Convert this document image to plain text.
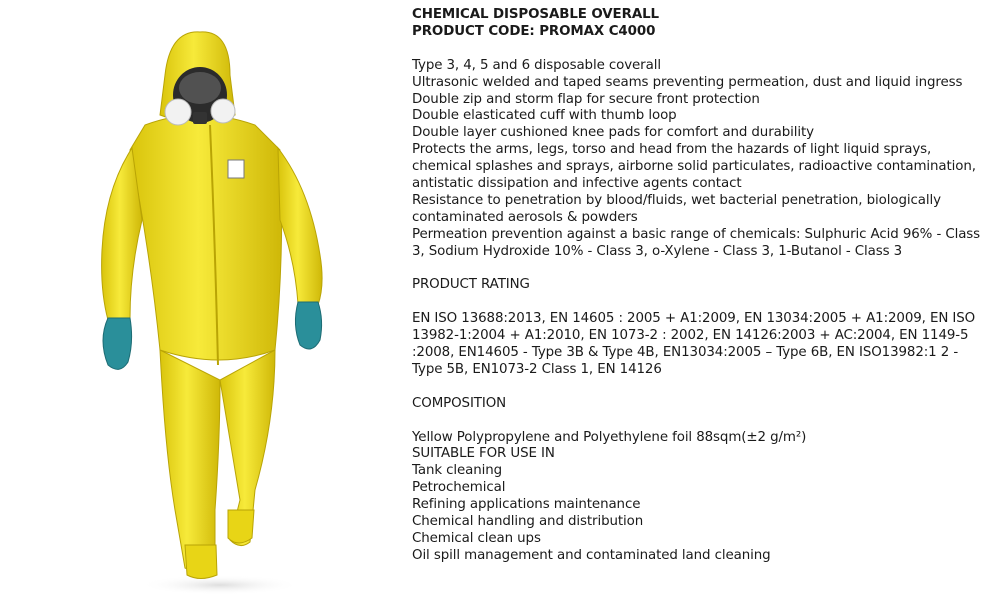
CHEMICAL DISPOSABLE OVERALL
PRODUCT CODE: PROMAX C4000
Type 3, 4, 5 and 6 disposable coverall
Ultrasonic welded and taped seams preventing permeation, dust and liquid ingress
Double zip and storm flap for secure front protection
Double elasticated cuff with thumb loop
Double layer cushioned knee pads for comfort and durability
Protects the arms, legs, torso and head from the hazards of light liquid sprays, chemical splashes and sprays, airborne solid particulates, radioactive contamination, antistatic dissipation and infective agents contact
Resistance to penetration by blood/fluids, wet bacterial penetration, biologically contaminated aerosols & powders
Permeation prevention against a basic range of chemicals: Sulphuric Acid 96% - Class 3, Sodium Hydroxide 10% - Class 3, o-Xylene - Class 3, 1-Butanol - Class 3
PRODUCT RATING
EN ISO 13688:2013, EN 14605 : 2005 + A1:2009, EN 13034:2005 + A1:2009, EN ISO 13982-1:2004 + A1:2010, EN 1073-2 : 2002, EN 14126:2003 + AC:2004, EN 1149-5 :2008, EN14605 - Type 3B & Type 4B, EN13034:2005 – Type 6B, EN ISO13982:1 2 - Type 5B, EN1073-2 Class 1, EN 14126
COMPOSITION
Yellow Polypropylene and Polyethylene foil 88sqm(±2 g/m²)
SUITABLE FOR USE IN
Tank cleaning
Petrochemical
Refining applications maintenance
Chemical handling and distribution
Chemical clean ups
Oil spill management and contaminated land cleaning
